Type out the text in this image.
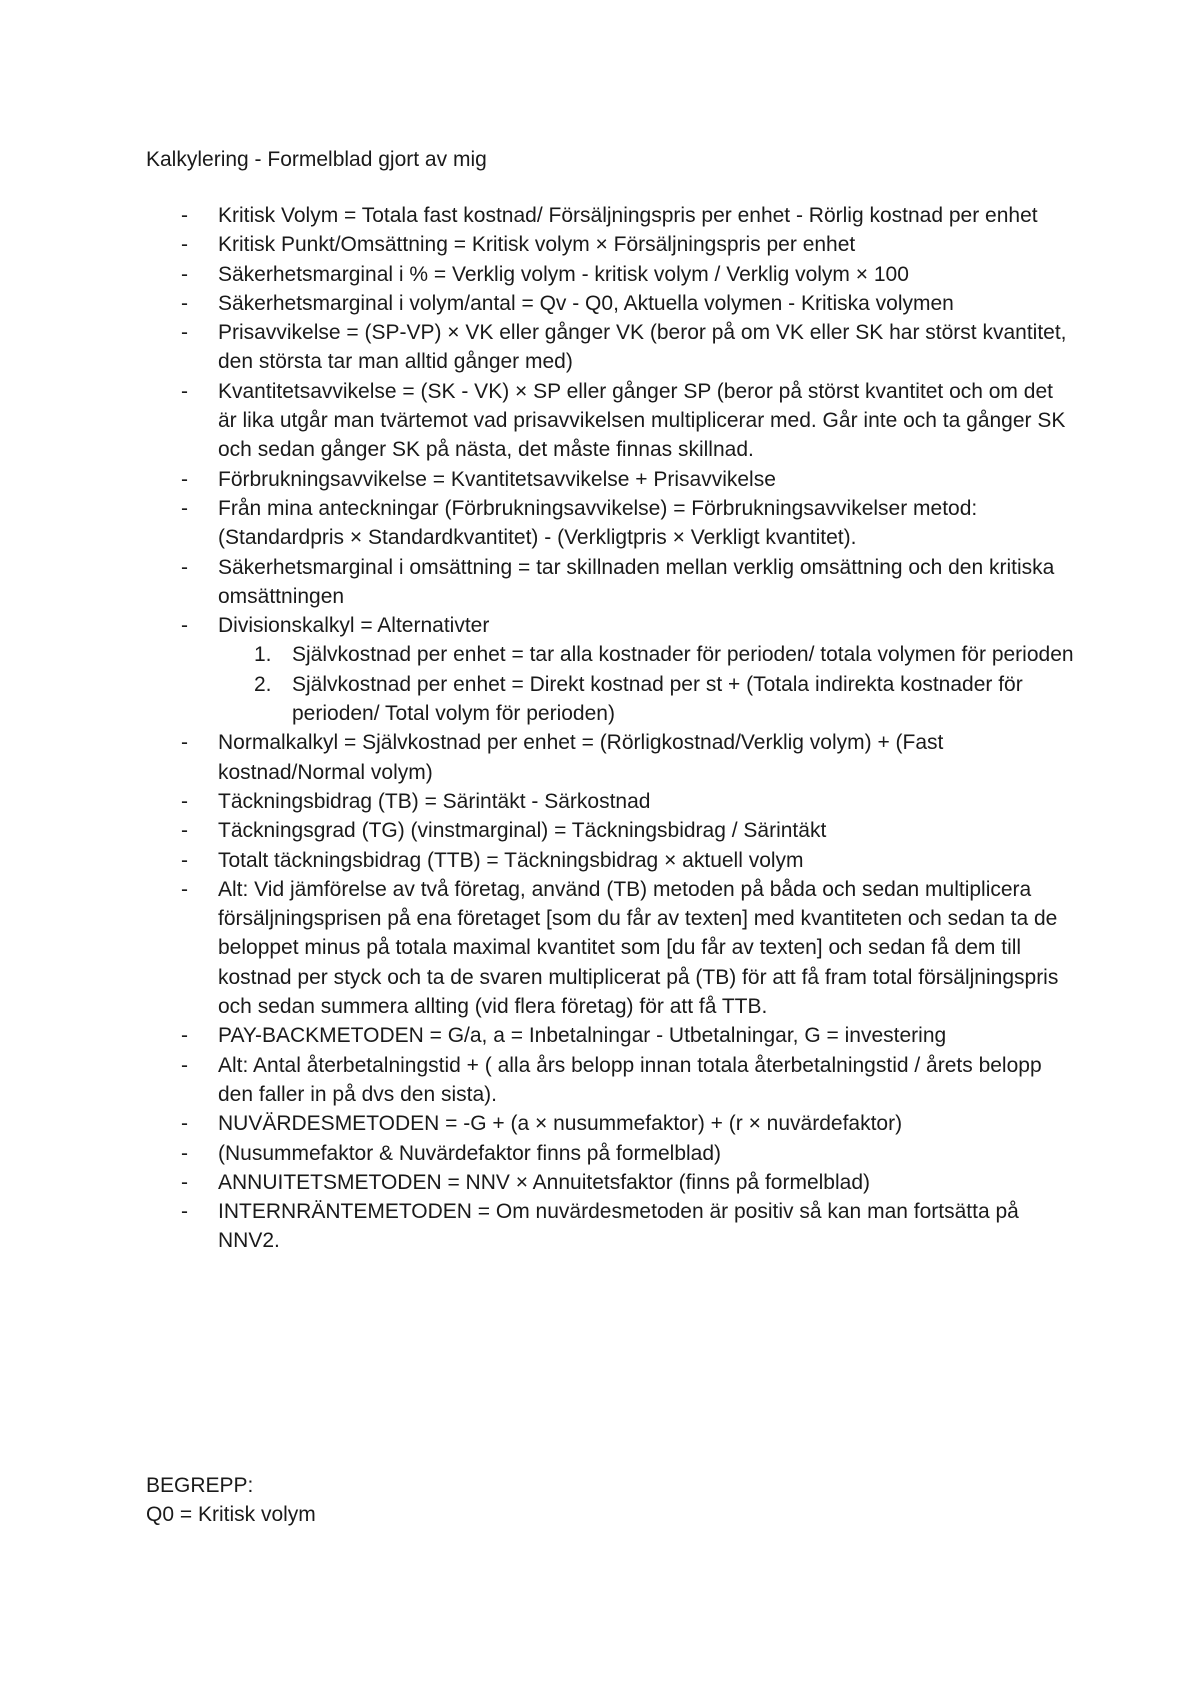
Kalkylering - Formelblad gjort av mig
- Kritisk Volym = Totala fast kostnad/ Försäljningspris per enhet - Rörlig kostnad per enhet
- Kritisk Punkt/Omsättning = Kritisk volym × Försäljningspris per enhet
- Säkerhetsmarginal i % = Verklig volym - kritisk volym / Verklig volym × 100
- Säkerhetsmarginal i volym/antal = Qv - Q0, Aktuella volymen - Kritiska volymen
- Prisavvikelse = (SP-VP) × VK eller gånger VK (beror på om VK eller SK har störst kvantitet, den största tar man alltid gånger med)
- Kvantitetsavvikelse = (SK - VK) × SP eller gånger SP (beror på störst kvantitet och om det är lika utgår man tvärtemot vad prisavvikelsen multiplicerar med. Går inte och ta gånger SK och sedan gånger SK på nästa, det måste finnas skillnad.
- Förbrukningsavvikelse = Kvantitetsavvikelse + Prisavvikelse
- Från mina anteckningar (Förbrukningsavvikelse) = Förbrukningsavvikelser metod: (Standardpris × Standardkvantitet) - (Verkligtpris × Verkligt kvantitet).
- Säkerhetsmarginal i omsättning = tar skillnaden mellan verklig omsättning och den kritiska omsättningen
- Divisionskalkyl = Alternativter
1. Självkostnad per enhet = tar alla kostnader för perioden/ totala volymen för perioden
2. Självkostnad per enhet = Direkt kostnad per st + (Totala indirekta kostnader för perioden/ Total volym för perioden)
- Normalkalkyl = Självkostnad per enhet = (Rörligkostnad/Verklig volym) + (Fast kostnad/Normal volym)
- Täckningsbidrag (TB) = Särintäkt - Särkostnad
- Täckningsgrad (TG) (vinstmarginal) = Täckningsbidrag / Särintäkt
- Totalt täckningsbidrag (TTB) = Täckningsbidrag × aktuell volym
- Alt: Vid jämförelse av två företag, använd (TB) metoden på båda och sedan multiplicera försäljningsprisen på ena företaget [som du får av texten] med kvantiteten och sedan ta de beloppet minus på totala maximal kvantitet som [du får av texten] och sedan få dem till kostnad per styck och ta de svaren multiplicerat på (TB) för att få fram total försäljningspris och sedan summera allting (vid flera företag) för att få TTB.
- PAY-BACKMETODEN = G/a, a = Inbetalningar - Utbetalningar, G = investering
- Alt: Antal återbetalningstid + ( alla års belopp innan totala återbetalningstid / årets belopp den faller in på dvs den sista).
- NUVÄRDESMETODEN = -G + (a × nusummefaktor) + (r × nuvärdefaktor)
- (Nusummefaktor & Nuvärdefaktor finns på formelblad)
- ANNUITETSMETODEN = NNV × Annuitetsfaktor (finns på formelblad)
- INTERNRÄNTEMETODEN = Om nuvärdesmetoden är positiv så kan man fortsätta på NNV2.
BEGREPP:
Q0 = Kritisk volym
